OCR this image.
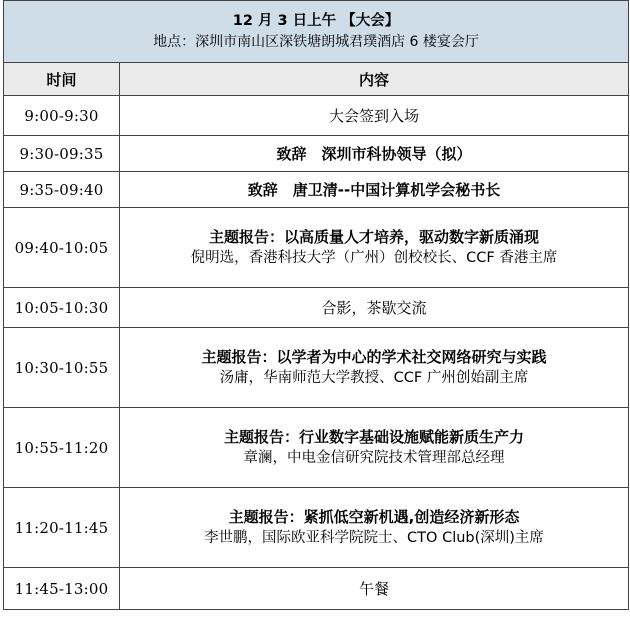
12 月 3 日上午 【大会】
地点：深圳市南山区深铁塘朗城君璞酒店 6 楼宴会厅	

时间	内容
9:00-9:30	大会签到入场
9:30-09:35	致辞　深圳市科协领导（拟）
9:35-09:40	致辞　唐卫清--中国计算机学会秘书长
09:40-10:05	主题报告：以高质量人才培养，驱动数字新质涌现
倪明选，香港科技大学（广州）创校校长、CCF 香港主席

10:05-10:30	合影，茶歇交流
10:30-10:55	主题报告：以学者为中心的学术社交网络研究与实践
汤庸，华南师范大学教授、CCF 广州创始副主席

10:55-11:20	主题报告：行业数字基础设施赋能新质生产力
章澜，中电金信研究院技术管理部总经理

11:20-11:45	主题报告：紧抓低空新机遇,创造经济新形态
李世鹏，国际欧亚科学院院士、CTO Club(深圳)主席

11:45-13:00	午餐
